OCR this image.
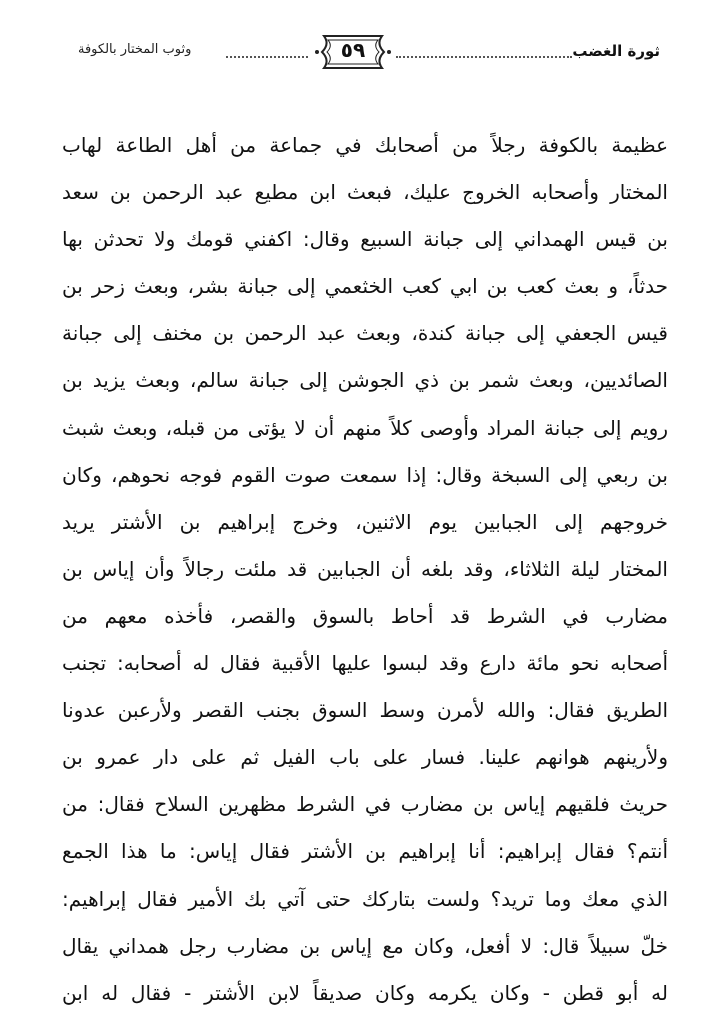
ثورة الغضب
٥٩
وثوب المختار بالكوفة
عظيمة بالكوفة رجلاً من أصحابك في جماعة من أهل الطاعة لهاب
المختار وأصحابه الخروج عليك، فبعث ابن مطيع عبد الرحمن بن سعد
بن قيس الهمداني إلى جبانة السبيع وقال: اكفني قومك ولا تحدثن بها
حدثاً، و بعث كعب بن ابي كعب الخثعمي إلى جبانة بشر، وبعث زحر بن
قيس الجعفي إلى جبانة كندة، وبعث عبد الرحمن بن مخنف إلى جبانة
الصائديين، وبعث شمر بن ذي الجوشن إلى جبانة سالم، وبعث يزيد بن
رويم إلى جبانة المراد وأوصى كلاً منهم أن لا يؤتى من قبله، وبعث شبث
بن ربعي إلى السبخة وقال: إذا سمعت صوت القوم فوجه نحوهم، وكان
خروجهم إلى الجبابين يوم الاثنين، وخرج إبراهيم بن الأشتر يريد
المختار ليلة الثلاثاء، وقد بلغه أن الجبابين قد ملئت رجالاً وأن إياس بن
مضارب في الشرط قد أحاط بالسوق والقصر، فأخذه معهم من
أصحابه نحو مائة دارع وقد لبسوا عليها الأقبية فقال له أصحابه: تجنب
الطريق فقال: والله لأمرن وسط السوق بجنب القصر ولأرعبن عدونا
ولأرينهم هوانهم علينا. فسار على باب الفيل ثم على دار عمرو بن
حريث فلقيهم إياس بن مضارب في الشرط مظهرين السلاح فقال: من
أنتم؟ فقال إبراهيم: أنا إبراهيم بن الأشتر فقال إياس: ما هذا الجمع
الذي معك وما تريد؟ ولست بتاركك حتى آتي بك الأمير فقال إبراهيم:
خلّ سبيلاً قال: لا أفعل، وكان مع إياس بن مضارب رجل همداني يقال
له أبو قطن - وكان يكرمه وكان صديقاً لابن الأشتر - فقال له ابن
